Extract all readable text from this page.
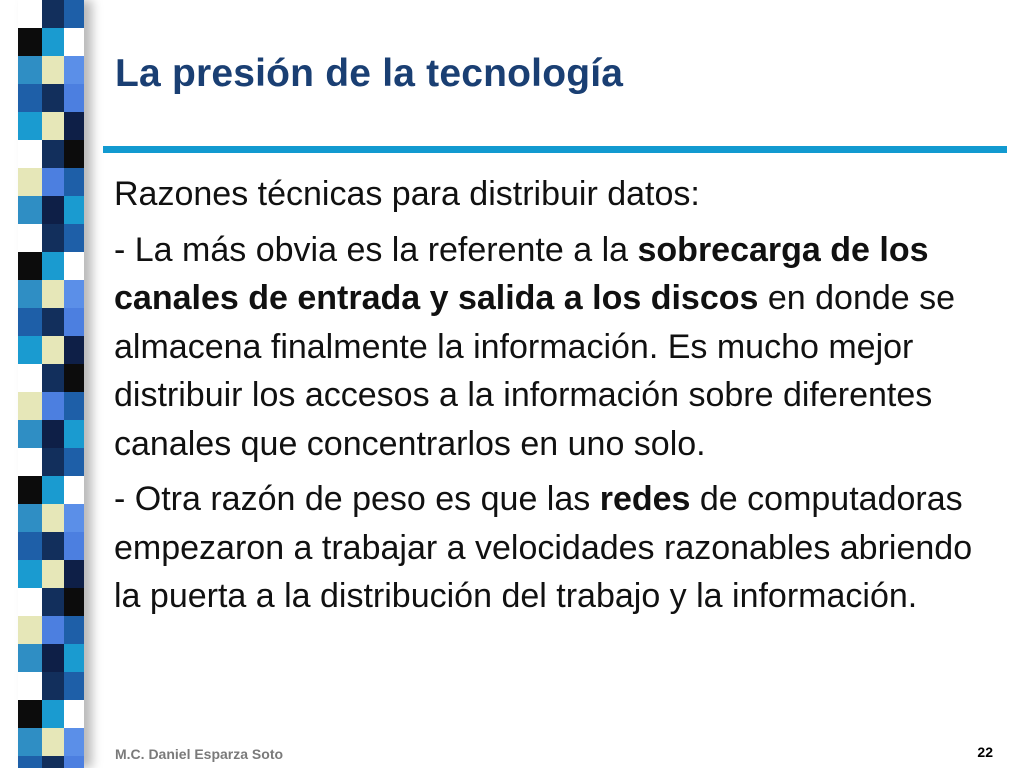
La presión de la tecnología

Razones técnicas para distribuir datos:

- La más obvia es la referente a la sobrecarga de los canales de entrada y salida a los discos en donde se almacena finalmente la información. Es mucho mejor distribuir los accesos a la información sobre diferentes canales que concentrarlos en uno solo.

- Otra razón de peso es que las redes de computadoras empezaron a trabajar a velocidades razonables abriendo la puerta a la distribución del trabajo y la información.

M.C. Daniel Esparza Soto	22
